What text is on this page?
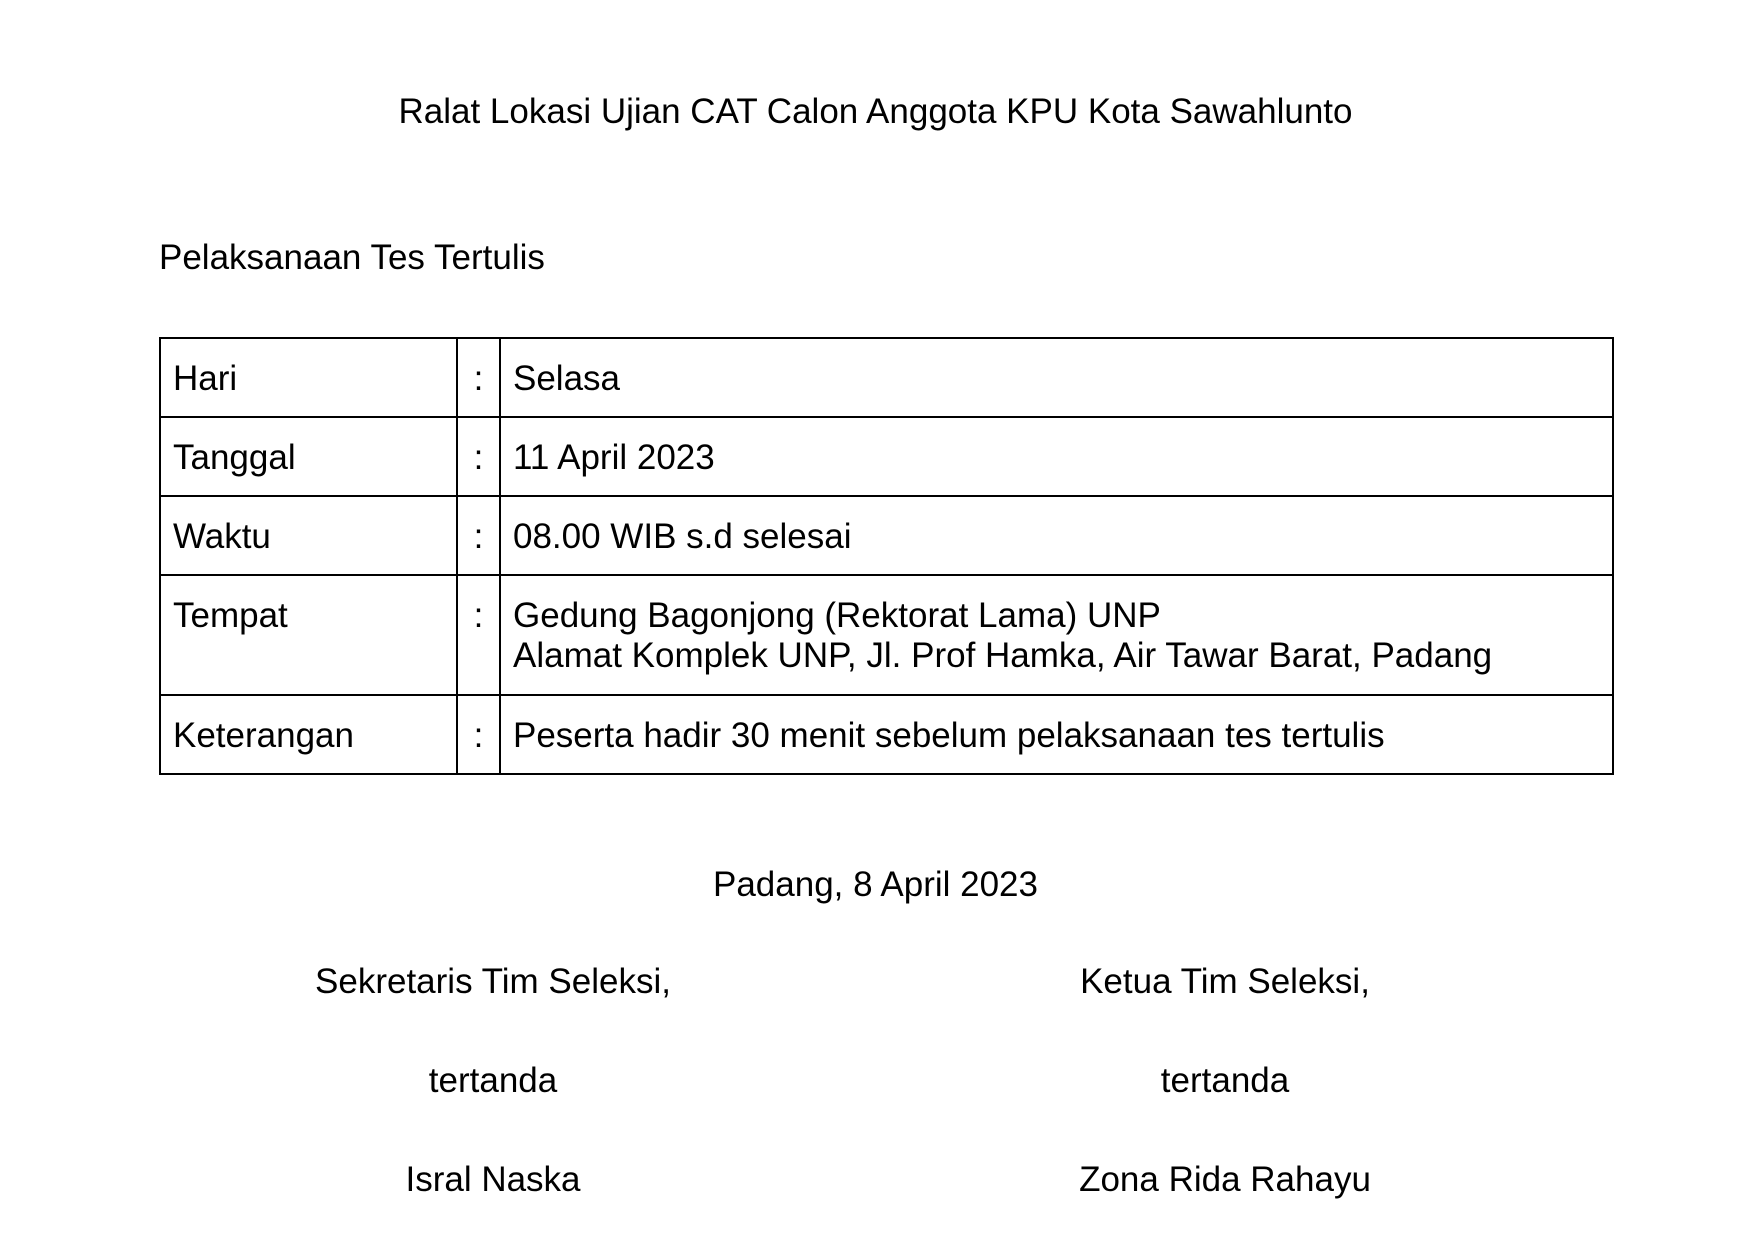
Ralat Lokasi Ujian CAT Calon Anggota KPU Kota Sawahlunto
Pelaksanaan Tes Tertulis
Hari	:	Selasa

Tanggal	:	11 April 2023

Waktu	:	08.00 WIB s.d selesai

Tempat	:	Gedung Bagonjong (Rektorat Lama) UNP
Alamat Komplek UNP, Jl. Prof Hamka, Air Tawar Barat, Padang

Keterangan	:	Peserta hadir 30 menit sebelum pelaksanaan tes tertulis
Padang, 8 April 2023
Sekretaris Tim Seleksi,
tertanda
Isral Naska
Ketua Tim Seleksi,
tertanda
Zona Rida Rahayu
